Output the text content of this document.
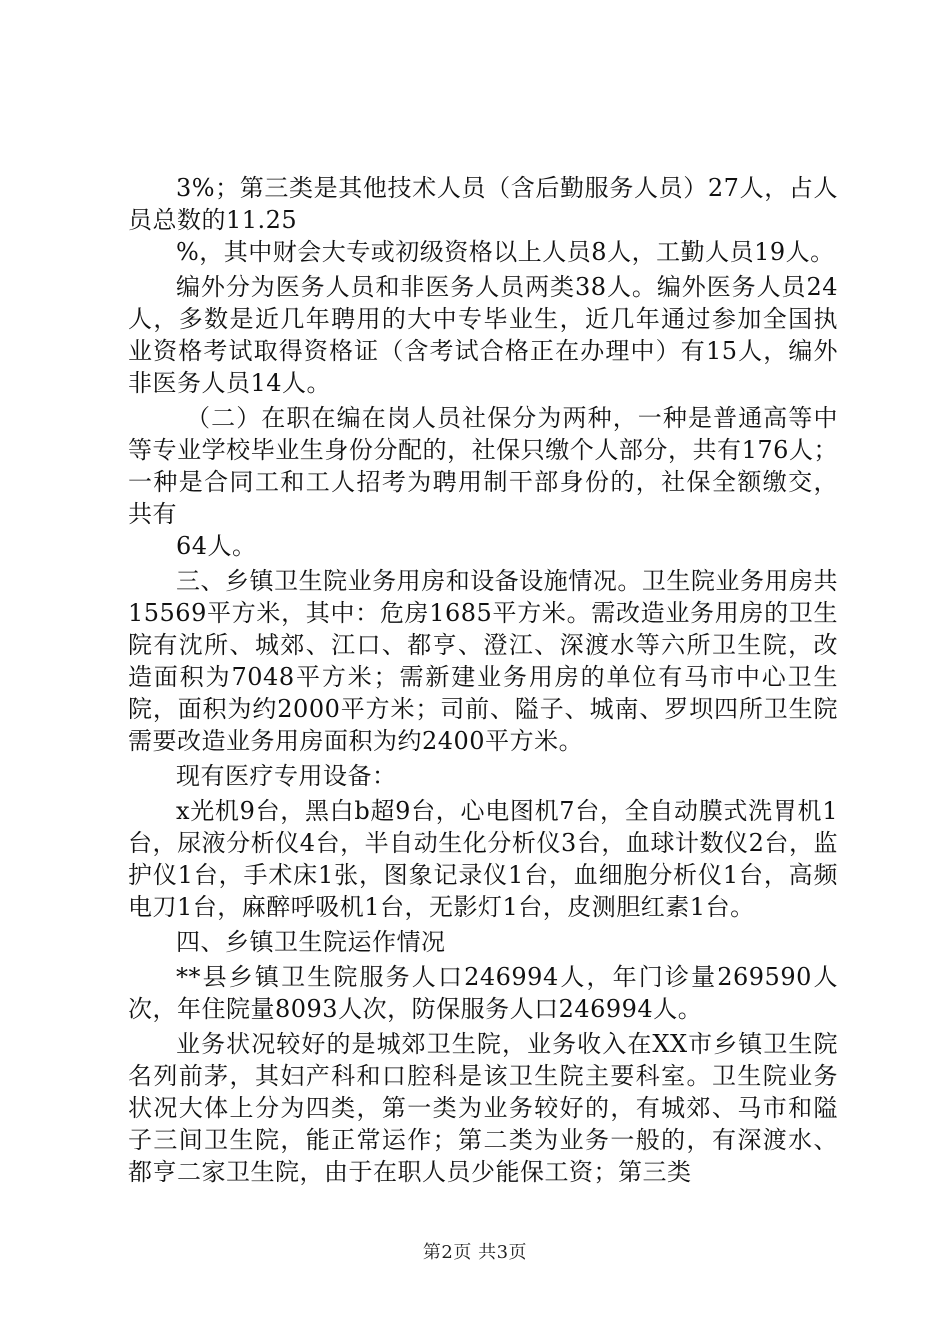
3%；第三类是其他技术人员（含后勤服务人员）27人，占人员总数的11.25

%，其中财会大专或初级资格以上人员8人，工勤人员19人。

编外分为医务人员和非医务人员两类38人。编外医务人员24人，多数是近几年聘用的大中专毕业生，近几年通过参加全国执业资格考试取得资格证（含考试合格正在办理中）有15人，编外非医务人员14人。

（二）在职在编在岗人员社保分为两种，一种是普通高等中等专业学校毕业生身份分配的，社保只缴个人部分，共有176人；一种是合同工和工人招考为聘用制干部身份的，社保全额缴交，共有

64人。

三、乡镇卫生院业务用房和设备设施情况。卫生院业务用房共15569平方米，其中：危房1685平方米。需改造业务用房的卫生院有沈所、城郊、江口、都亨、澄江、深渡水等六所卫生院，改造面积为7048平方米；需新建业务用房的单位有马市中心卫生院，面积为约2000平方米；司前、隘子、城南、罗坝四所卫生院需要改造业务用房面积为约2400平方米。

现有医疗专用设备：

x光机9台，黑白b超9台，心电图机7台，全自动膜式洗胃机1台，尿液分析仪4台，半自动生化分析仪3台，血球计数仪2台，监护仪1台，手术床1张，图象记录仪1台，血细胞分析仪1台，高频电刀1台，麻醉呼吸机1台，无影灯1台，皮测胆红素1台。

四、乡镇卫生院运作情况

**县乡镇卫生院服务人口246994人，年门诊量269590人次，年住院量8093人次，防保服务人口246994人。

业务状况较好的是城郊卫生院，业务收入在XX市乡镇卫生院名列前茅，其妇产科和口腔科是该卫生院主要科室。卫生院业务状况大体上分为四类，第一类为业务较好的，有城郊、马市和隘子三间卫生院，能正常运作；第二类为业务一般的，有深渡水、都亨二家卫生院，由于在职人员少能保工资；第三类

第2页 共3页
